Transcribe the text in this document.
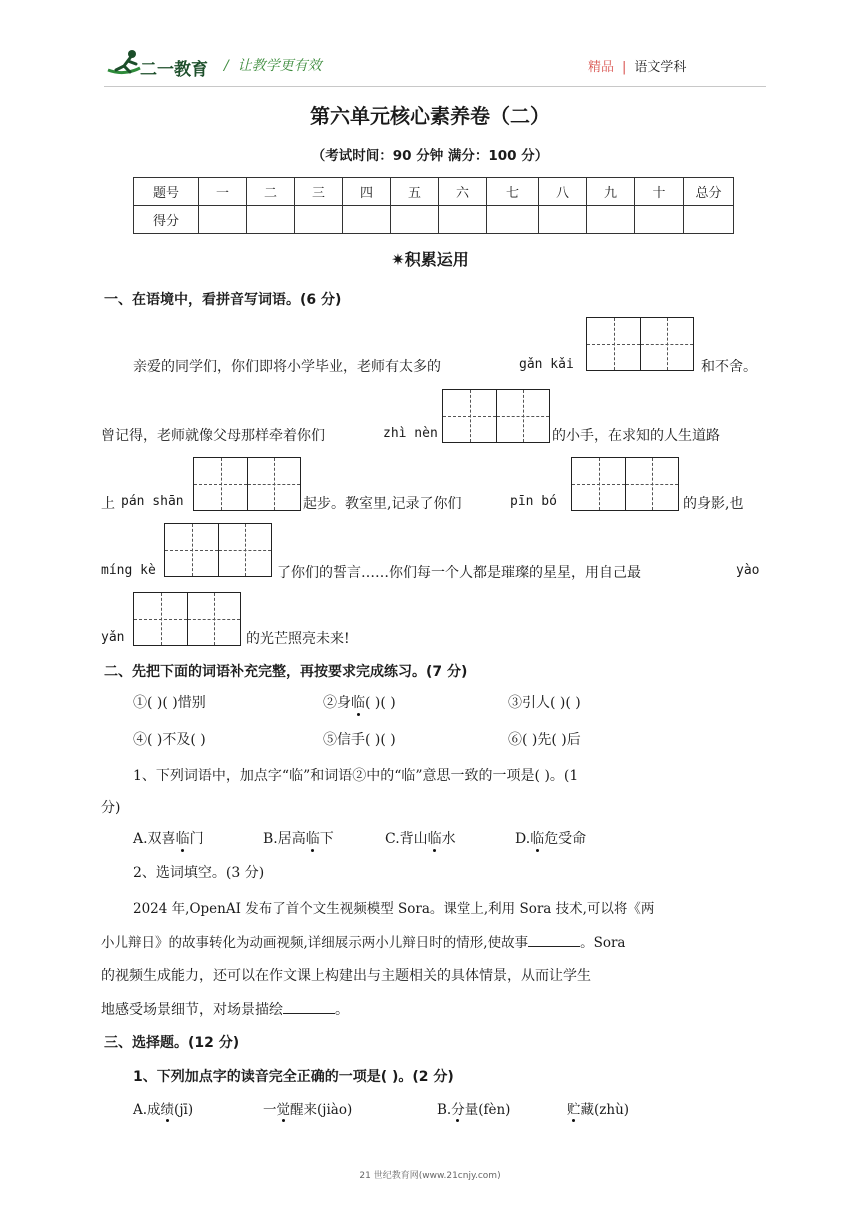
二一教育 / 让教学更有效	精品 | 语文学科
第六单元核心素养卷（二）
（考试时间：90 分钟 满分：100 分）
题号	一	二	三	四	五	六	七	八	九	十	总分
得分											
✷积累运用
一、在语境中，看拼音写词语。(6 分)
亲爱的同学们，你们即将小学毕业，老师有太多的	gǎn kǎi	和不舍。
曾记得，老师就像父母那样牵着你们	zhì nèn	的小手，在求知的人生道路
上 pán shān	起步。教室里,记录了你们	pīn bó	的身影,也
míng kè	了你们的誓言……你们每一个人都是璀璨的星星，用自己最	yào
yǎn	的光芒照亮未来!
二、先把下面的词语补充完整，再按要求完成练习。(7 分)
①( )( )惜别	②身临( )( )	③引人( )( )
④( )不及( )	⑤信手( )( )	⑥( )先( )后
1、下列词语中，加点字“临”和词语②中的“临”意思一致的一项是( )。(1
分)
A.双喜临门	B.居高临下	C.背山临水	D.临危受命
2、选词填空。(3 分)
2024 年,OpenAI 发布了首个文生视频模型 Sora。课堂上,利用 Sora 技术,可以将《两
小儿辩日》的故事转化为动画视频,详细展示两小儿辩日时的情形,使故事	。Sora
的视频生成能力，还可以在作文课上构建出与主题相关的具体情景，从而让学生
地感受场景细节，对场景描绘	。
三、选择题。(12 分)
1、下列加点字的读音完全正确的一项是( )。(2 分)
A.成绩(jī)	一觉醒来(jiào)	B.分量(fèn)	贮藏(zhù)
21 世纪教育网(www.21cnjy.com)
